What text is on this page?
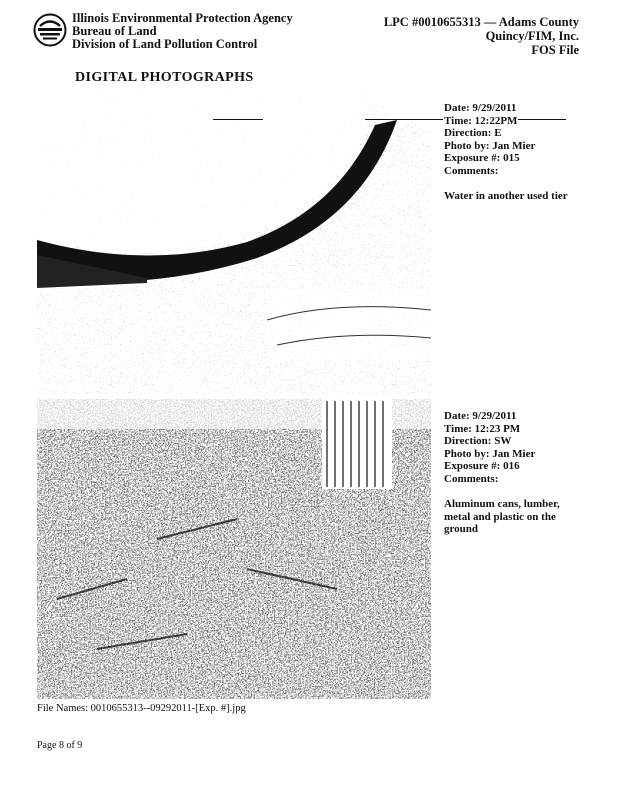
Illinois Environmental Protection Agency
Bureau of Land
Division of Land Pollution Control
LPC #0010655313 — Adams County
Quincy/FIM, Inc.
FOS File
DIGITAL PHOTOGRAPHS
Date: 9/29/2011
Time: 12:22PM
Direction: E
Photo by: Jan Mier
Exposure #: 015
Comments:
Water in another used tier
Date: 9/29/2011
Time: 12:23 PM
Direction: SW
Photo by: Jan Mier
Exposure #: 016
Comments:
Aluminum cans, lumber, metal and plastic on the ground
File Names: 0010655313--09292011-[Exp. #].jpg
Page 8 of 9
